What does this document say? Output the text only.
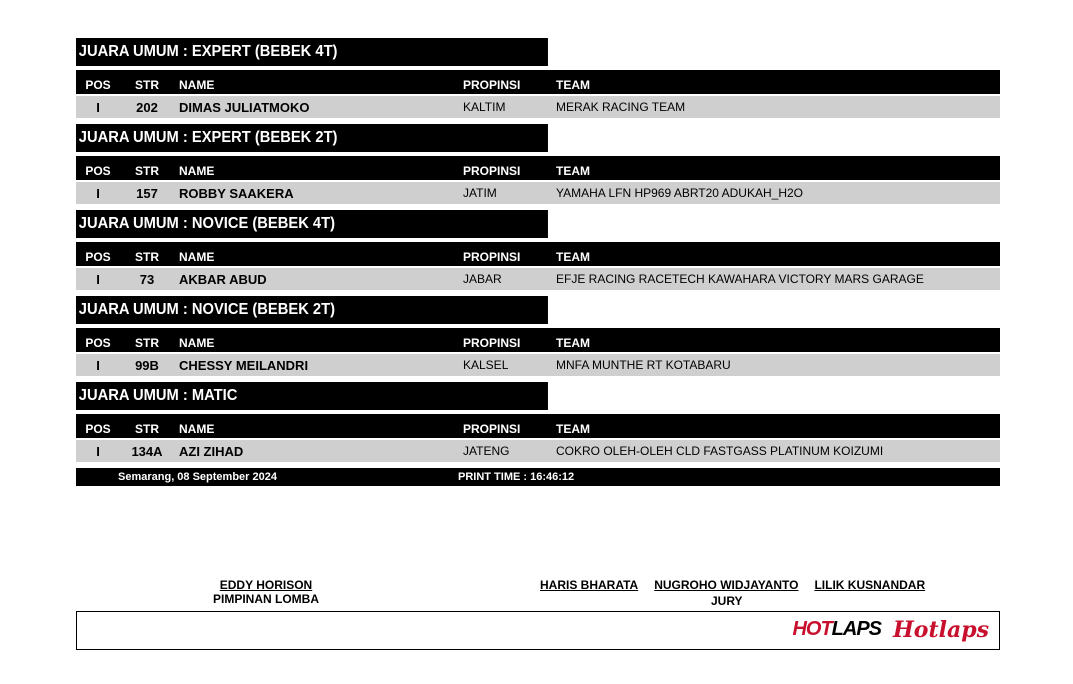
JUARA UMUM : EXPERT (BEBEK 4T)
POS	STR	NAME	PROPINSI	TEAM
I	202	DIMAS JULIATMOKO	KALTIM	MERAK RACING TEAM
JUARA UMUM : EXPERT (BEBEK 2T)
POS	STR	NAME	PROPINSI	TEAM
I	157	ROBBY SAAKERA	JATIM	YAMAHA LFN HP969 ABRT20 ADUKAH_H2O
JUARA UMUM : NOVICE (BEBEK 4T)
POS	STR	NAME	PROPINSI	TEAM
I	73	AKBAR ABUD	JABAR	EFJE RACING RACETECH KAWAHARA VICTORY MARS GARAGE
JUARA UMUM : NOVICE (BEBEK 2T)
POS	STR	NAME	PROPINSI	TEAM
I	99B	CHESSY MEILANDRI	KALSEL	MNFA MUNTHE RT KOTABARU
JUARA UMUM : MATIC
POS	STR	NAME	PROPINSI	TEAM
I	134A	AZI ZIHAD	JATENG	COKRO OLEH-OLEH CLD FASTGASS PLATINUM KOIZUMI
Semarang, 08 September 2024	PRINT TIME : 16:46:12
EDDY HORISON
PIMPINAN LOMBA
HARIS BHARATA NUGROHO WIDJAYANTO LILIK KUSNANDAR
JURY
HOTLAPS Hotlaps
